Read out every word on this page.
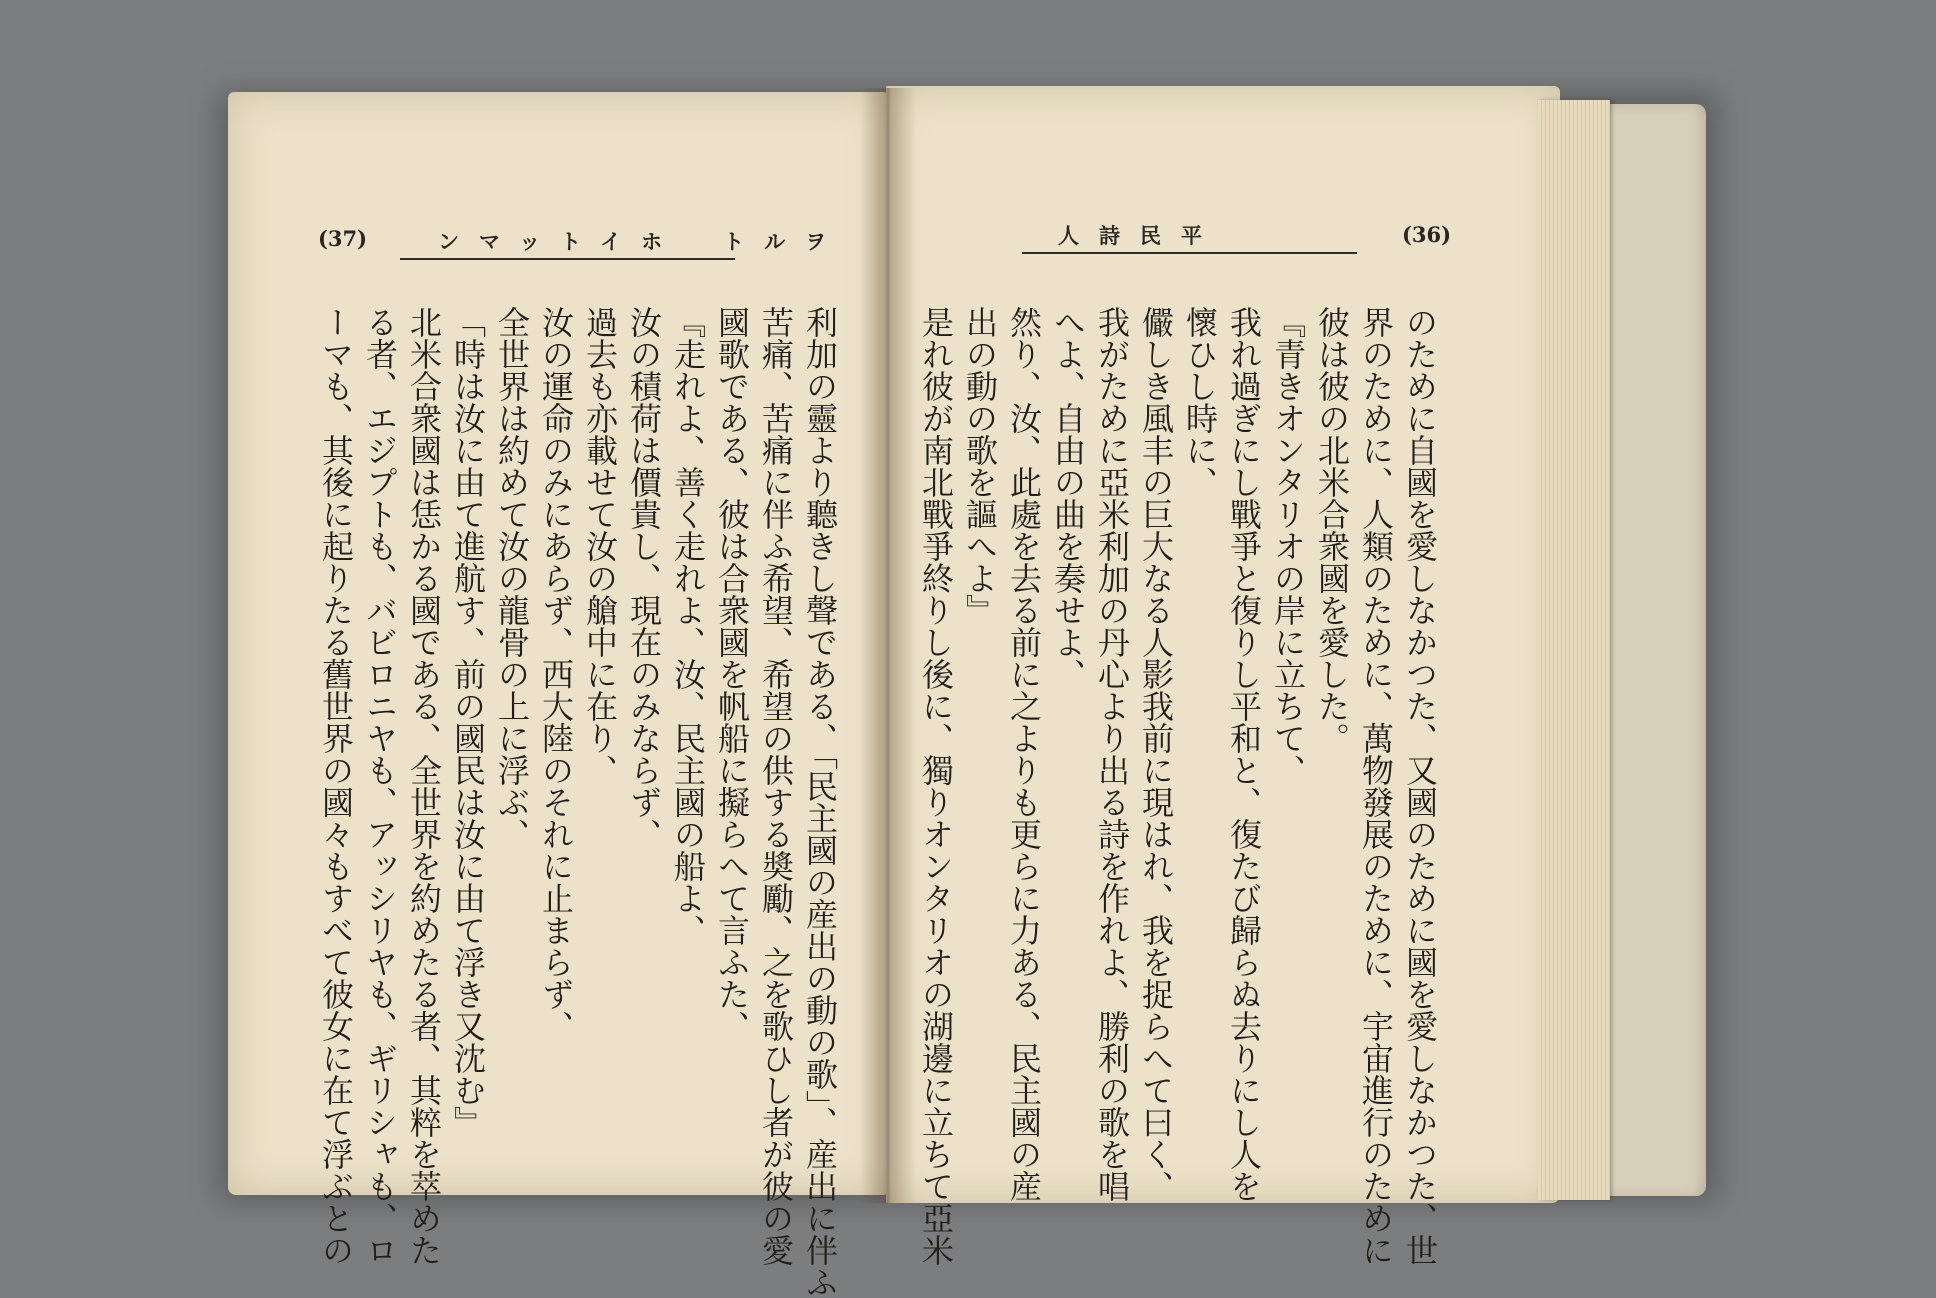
(37)	ンマットイホ　トルヲ	人詩民平	(36)
利加の靈より聽きし聲である、「民主國の産出の動の歌」、産出に伴ふ
苦痛、苦痛に伴ふ希望、希望の供する奬勵、之を歌ひし者が彼の愛
國歌である、彼は合衆國を帆船に擬らへて言ふた、
『走れよ、善く走れよ、汝、民主國の船よ、
汝の積荷は價貴し、現在のみならず、
過去も亦載せて汝の艙中に在り、
汝の運命のみにあらず、西大陸のそれに止まらず、
全世界は約めて汝の龍骨の上に浮ぶ、
「時は汝に由て進航す、前の國民は汝に由て浮き又沈む』
北米合衆國は恁かる國である、全世界を約めたる者、其粹を萃めた
る者、エジプトも、バビロニヤも、アッシリヤも、ギリシャも、ロ
ーマも、其後に起りたる舊世界の國々もすべて彼女に在て浮ぶとの	のために自國を愛しなかつた、又國のために國を愛しなかつた、世
界のために、人類のために、萬物發展のために、宇宙進行のために
彼は彼の北米合衆國を愛した。
『青きオンタリオの岸に立ちて、
我れ過ぎにし戰爭と復りし平和と、復たび歸らぬ去りにし人を
懷ひし時に、
儼しき風丰の巨大なる人影我前に現はれ、我を捉らへて曰く、
我がために亞米利加の丹心より出る詩を作れよ、勝利の歌を唱
へよ、自由の曲を奏せよ、
然り、汝、此處を去る前に之よりも更らに力ある、民主國の産
出の動の歌を謳へよ』
是れ彼が南北戰爭終りし後に、獨りオンタリオの湖邊に立ちて亞米
